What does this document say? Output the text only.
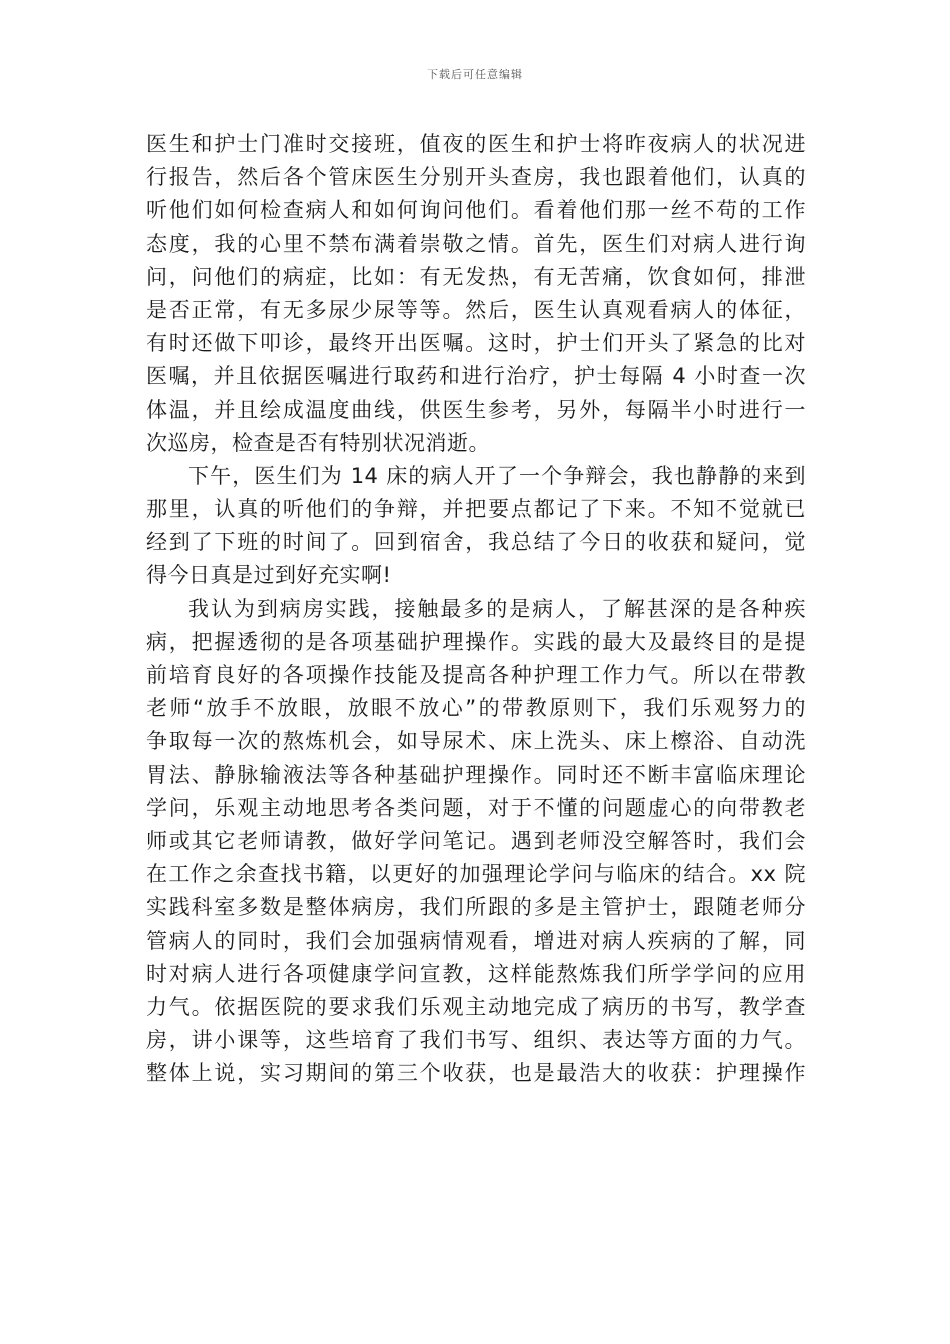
下载后可任意编辑
医生和护士门准时交接班，值夜的医生和护士将昨夜病人的状况进
行报告，然后各个管床医生分别开头查房，我也跟着他们，认真的
听他们如何检查病人和如何询问他们。看着他们那一丝不苟的工作
态度，我的心里不禁布满着崇敬之情。首先，医生们对病人进行询
问，问他们的病症，比如：有无发热，有无苦痛，饮食如何，排泄
是否正常，有无多尿少尿等等。然后，医生认真观看病人的体征，
有时还做下叩诊，最终开出医嘱。这时，护士们开头了紧急的比对
医嘱，并且依据医嘱进行取药和进行治疗，护士每隔 4 小时查一次
体温，并且绘成温度曲线，供医生参考，另外，每隔半小时进行一
次巡房，检查是否有特别状况消逝。
下午，医生们为 14 床的病人开了一个争辩会，我也静静的来到
那里，认真的听他们的争辩，并把要点都记了下来。不知不觉就已
经到了下班的时间了。回到宿舍，我总结了今日的收获和疑问，觉
得今日真是过到好充实啊!
我认为到病房实践，接触最多的是病人，了解甚深的是各种疾
病，把握透彻的是各项基础护理操作。实践的最大及最终目的是提
前培育良好的各项操作技能及提高各种护理工作力气。所以在带教
老师“放手不放眼，放眼不放心”的带教原则下，我们乐观努力的
争取每一次的熬炼机会，如导尿术、床上洗头、床上檫浴、自动洗
胃法、静脉输液法等各种基础护理操作。同时还不断丰富临床理论
学问，乐观主动地思考各类问题，对于不懂的问题虚心的向带教老
师或其它老师请教，做好学问笔记。遇到老师没空解答时，我们会
在工作之余查找书籍，以更好的加强理论学问与临床的结合。xx 院
实践科室多数是整体病房，我们所跟的多是主管护士，跟随老师分
管病人的同时，我们会加强病情观看，增进对病人疾病的了解，同
时对病人进行各项健康学问宣教，这样能熬炼我们所学学问的应用
力气。依据医院的要求我们乐观主动地完成了病历的书写，教学查
房，讲小课等，这些培育了我们书写、组织、表达等方面的力气。
整体上说，实习期间的第三个收获，也是最浩大的收获：护理操作
